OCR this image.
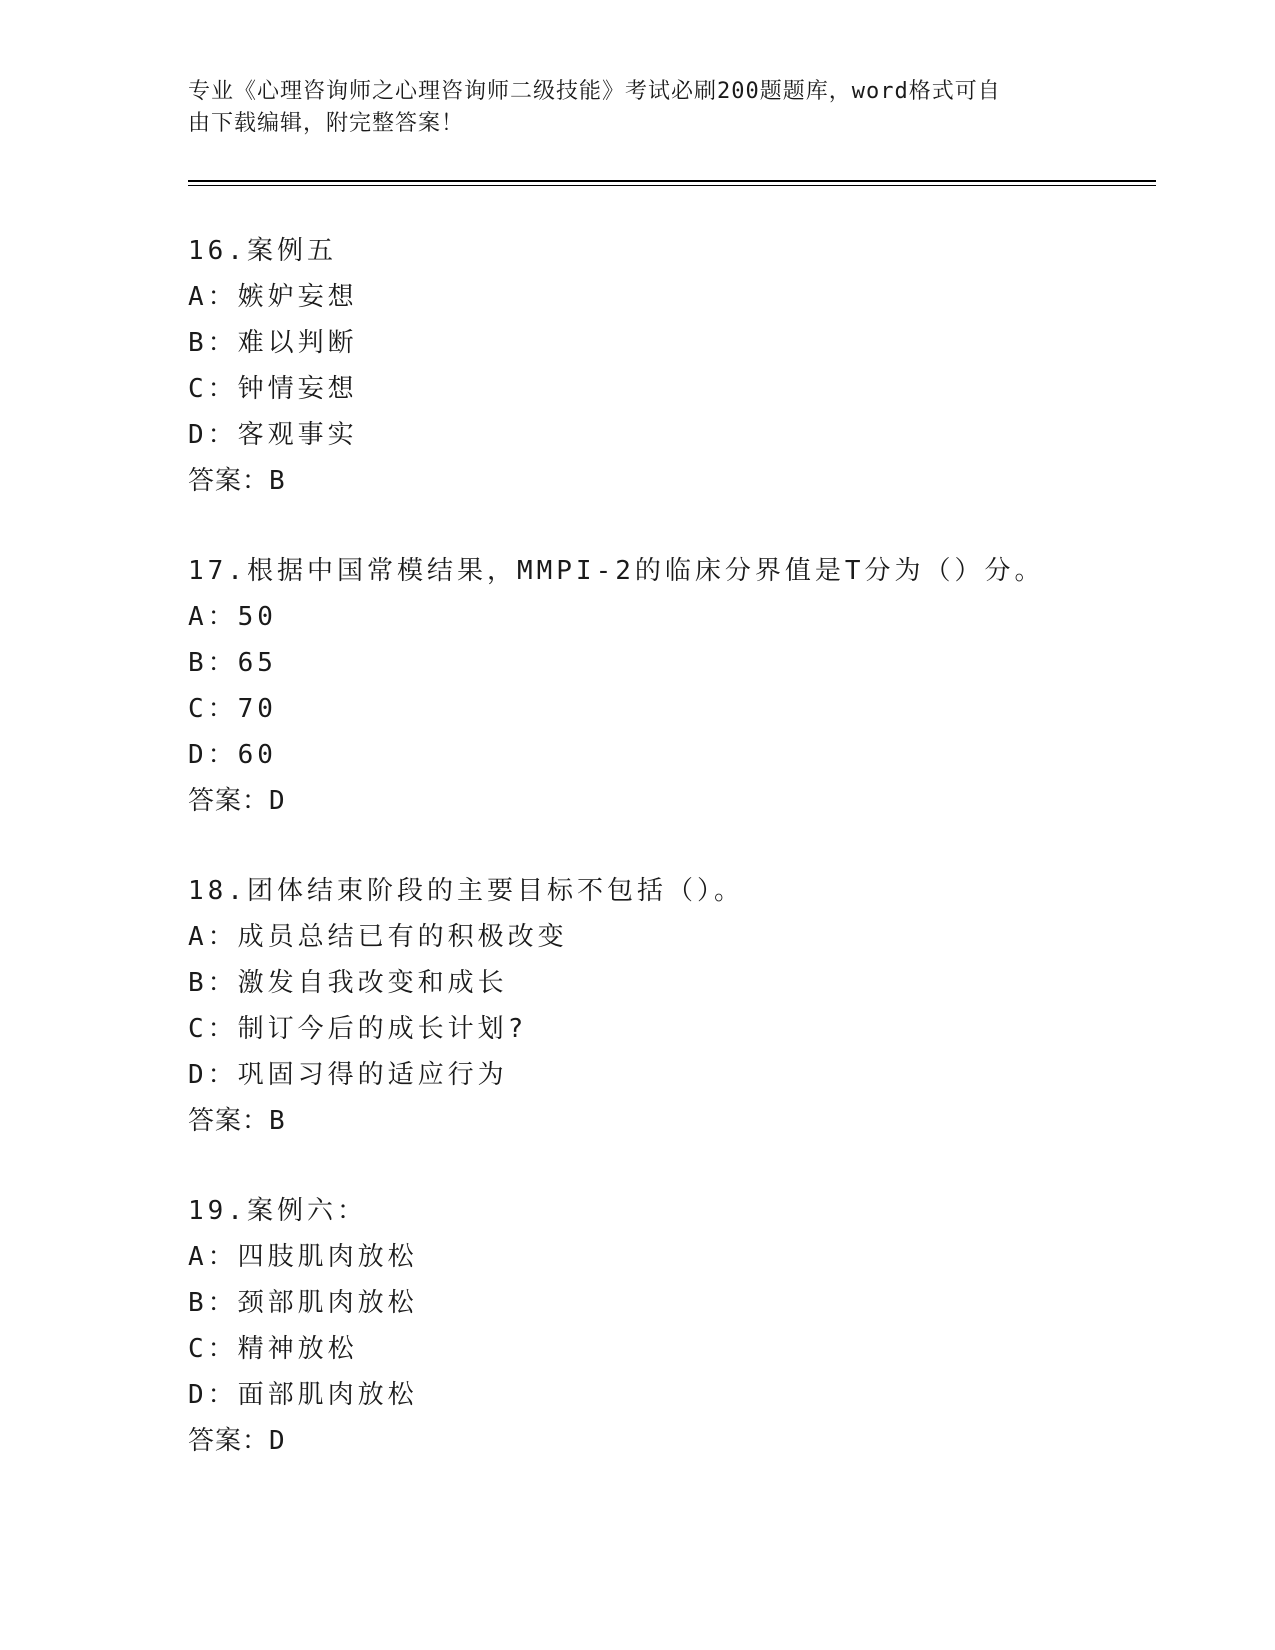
专业《心理咨询师之心理咨询师二级技能》考试必刷200题题库，word格式可自
由下载编辑，附完整答案！
16.案例五
A：嫉妒妄想
B：难以判断
C：钟情妄想
D：客观事实
答案：B
17.根据中国常模结果，MMPI-2的临床分界值是T分为（）分。
A：50
B：65
C：70
D：60
答案：D
18.团体结束阶段的主要目标不包括（）。
A：成员总结已有的积极改变
B：激发自我改变和成长
C：制订今后的成长计划?
D：巩固习得的适应行为
答案：B
19.案例六：
A：四肢肌肉放松
B：颈部肌肉放松
C：精神放松
D：面部肌肉放松
答案：D
